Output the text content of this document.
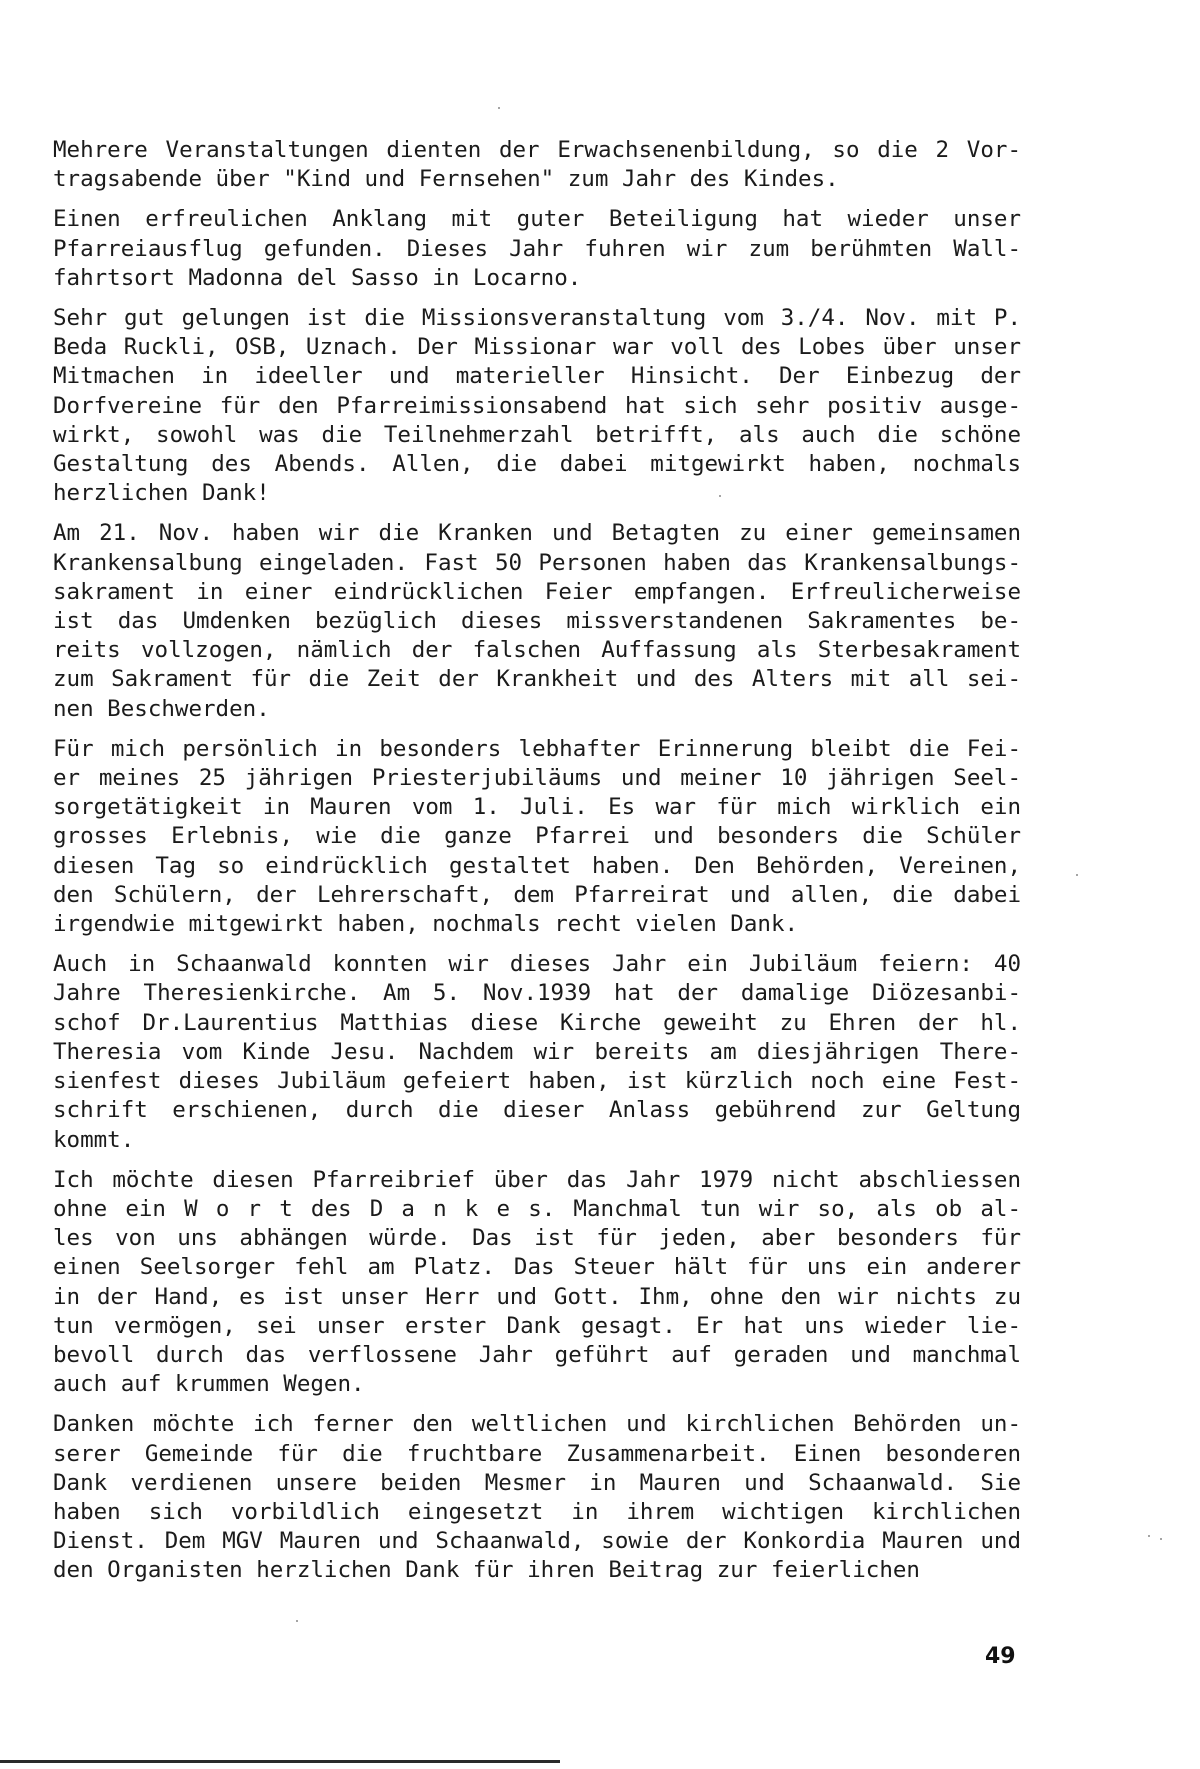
Mehrere Veranstaltungen dienten der Erwachsenenbildung, so die 2 Vor-
tragsabende über "Kind und Fernsehen" zum Jahr des Kindes.
Einen erfreulichen Anklang mit guter Beteiligung hat wieder unser
Pfarreiausflug gefunden. Dieses Jahr fuhren wir zum berühmten Wall-
fahrtsort Madonna del Sasso in Locarno.
Sehr gut gelungen ist die Missionsveranstaltung vom 3./4. Nov. mit P.
Beda Ruckli, OSB, Uznach. Der Missionar war voll des Lobes über unser
Mitmachen in ideeller und materieller Hinsicht. Der Einbezug der
Dorfvereine für den Pfarreimissionsabend hat sich sehr positiv ausge-
wirkt, sowohl was die Teilnehmerzahl betrifft, als auch die schöne
Gestaltung des Abends. Allen, die dabei mitgewirkt haben, nochmals
herzlichen Dank!
Am 21. Nov. haben wir die Kranken und Betagten zu einer gemeinsamen
Krankensalbung eingeladen. Fast 50 Personen haben das Krankensalbungs-
sakrament in einer eindrücklichen Feier empfangen. Erfreulicherweise
ist das Umdenken bezüglich dieses missverstandenen Sakramentes be-
reits vollzogen, nämlich der falschen Auffassung als Sterbesakrament
zum Sakrament für die Zeit der Krankheit und des Alters mit all sei-
nen Beschwerden.
Für mich persönlich in besonders lebhafter Erinnerung bleibt die Fei-
er meines 25 jährigen Priesterjubiläums und meiner 10 jährigen Seel-
sorgetätigkeit in Mauren vom 1. Juli. Es war für mich wirklich ein
grosses Erlebnis, wie die ganze Pfarrei und besonders die Schüler
diesen Tag so eindrücklich gestaltet haben. Den Behörden, Vereinen,
den Schülern, der Lehrerschaft, dem Pfarreirat und allen, die dabei
irgendwie mitgewirkt haben, nochmals recht vielen Dank.
Auch in Schaanwald konnten wir dieses Jahr ein Jubiläum feiern: 40
Jahre Theresienkirche. Am 5. Nov.1939 hat der damalige Diözesanbi-
schof Dr.Laurentius Matthias diese Kirche geweiht zu Ehren der hl.
Theresia vom Kinde Jesu. Nachdem wir bereits am diesjährigen There-
sienfest dieses Jubiläum gefeiert haben, ist kürzlich noch eine Fest-
schrift erschienen, durch die dieser Anlass gebührend zur Geltung
kommt.
Ich möchte diesen Pfarreibrief über das Jahr 1979 nicht abschliessen
ohne ein W o r t des D a n k e s. Manchmal tun wir so, als ob al-
les von uns abhängen würde. Das ist für jeden, aber besonders für
einen Seelsorger fehl am Platz. Das Steuer hält für uns ein anderer
in der Hand, es ist unser Herr und Gott. Ihm, ohne den wir nichts zu
tun vermögen, sei unser erster Dank gesagt. Er hat uns wieder lie-
bevoll durch das verflossene Jahr geführt auf geraden und manchmal
auch auf krummen Wegen.
Danken möchte ich ferner den weltlichen und kirchlichen Behörden un-
serer Gemeinde für die fruchtbare Zusammenarbeit. Einen besonderen
Dank verdienen unsere beiden Mesmer in Mauren und Schaanwald. Sie
haben sich vorbildlich eingesetzt in ihrem wichtigen kirchlichen
Dienst. Dem MGV Mauren und Schaanwald, sowie der Konkordia Mauren und
den Organisten herzlichen Dank für ihren Beitrag zur feierlichen
49
